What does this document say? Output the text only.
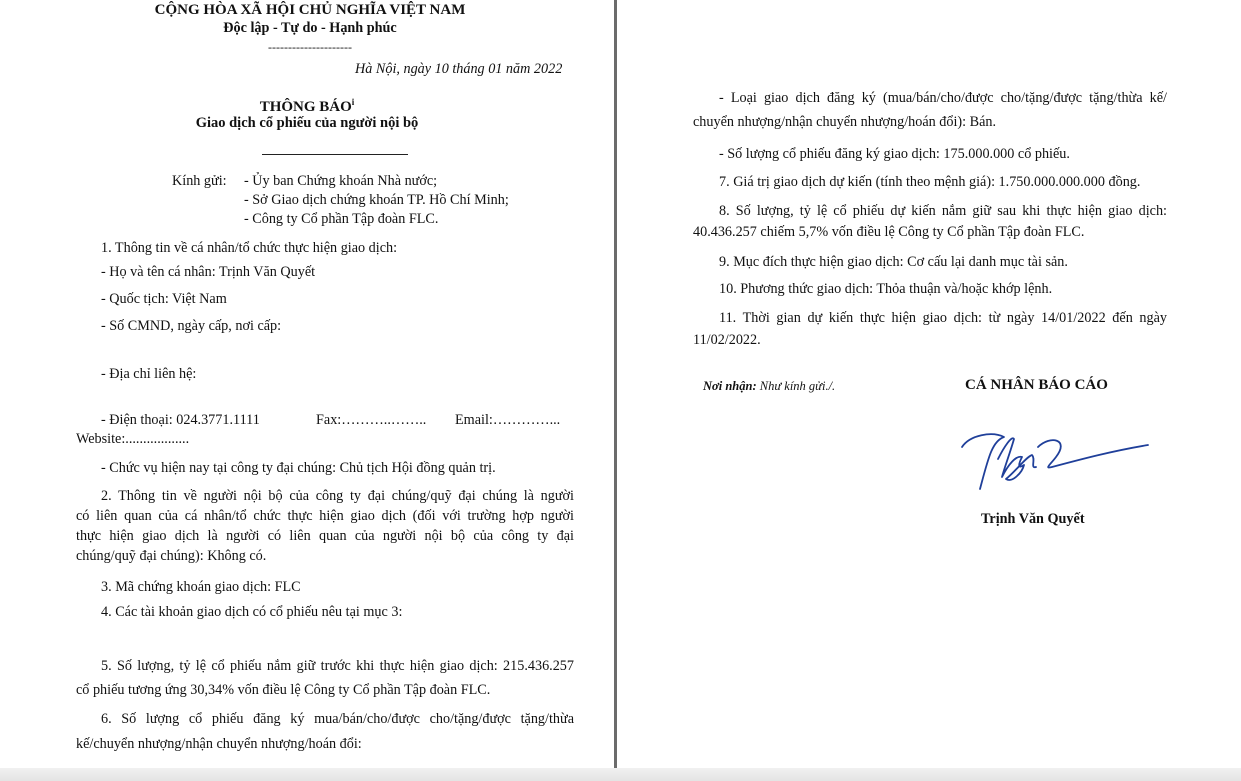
CỘNG HÒA XÃ HỘI CHỦ NGHĨA VIỆT NAM
Độc lập - Tự do - Hạnh phúc
---------------------
Hà Nội, ngày 10 tháng 01 năm 2022
THÔNG BÁO$^i$
Giao dịch cổ phiếu của người nội bộ
Kính gửi: - Ủy ban Chứng khoán Nhà nước;
- Sở Giao dịch chứng khoán TP. Hồ Chí Minh;
- Công ty Cổ phần Tập đoàn FLC.
1. Thông tin về cá nhân/tổ chức thực hiện giao dịch:
- Họ và tên cá nhân: Trịnh Văn Quyết
- Quốc tịch: Việt Nam
- Số CMND, ngày cấp, nơi cấp:
- Địa chỉ liên hệ:
- Điện thoại: 024.3771.1111	Fax:………..…….. Email:…………...
Website:..................
- Chức vụ hiện nay tại công ty đại chúng: Chủ tịch Hội đồng quản trị.
2. Thông tin về người nội bộ của công ty đại chúng/quỹ đại chúng là người
có liên quan của cá nhân/tổ chức thực hiện giao dịch (đối với trường hợp người
thực hiện giao dịch là người có liên quan của người nội bộ của công ty đại
chúng/quỹ đại chúng): Không có.
3. Mã chứng khoán giao dịch: FLC
4. Các tài khoản giao dịch có cổ phiếu nêu tại mục 3:
5. Số lượng, tỷ lệ cổ phiếu nắm giữ trước khi thực hiện giao dịch: 215.436.257
cổ phiếu tương ứng 30,34% vốn điều lệ Công ty Cổ phần Tập đoàn FLC.
6. Số lượng cổ phiếu đăng ký mua/bán/cho/được cho/tặng/được tặng/thừa
kế/chuyển nhượng/nhận chuyển nhượng/hoán đổi:
- Loại giao dịch đăng ký (mua/bán/cho/được cho/tặng/được tặng/thừa kế/
chuyển nhượng/nhận chuyển nhượng/hoán đổi): Bán.
- Số lượng cổ phiếu đăng ký giao dịch: 175.000.000 cổ phiếu.
7. Giá trị giao dịch dự kiến (tính theo mệnh giá): 1.750.000.000.000 đồng.
8. Số lượng, tỷ lệ cổ phiếu dự kiến nắm giữ sau khi thực hiện giao dịch:
40.436.257 chiếm 5,7% vốn điều lệ Công ty Cổ phần Tập đoàn FLC.
9. Mục đích thực hiện giao dịch: Cơ cấu lại danh mục tài sản.
10. Phương thức giao dịch: Thỏa thuận và/hoặc khớp lệnh.
11. Thời gian dự kiến thực hiện giao dịch: từ ngày 14/01/2022 đến ngày
11/02/2022.
Nơi nhận: Như kính gửi./.	CÁ NHÂN BÁO CÁO
Trịnh Văn Quyết
